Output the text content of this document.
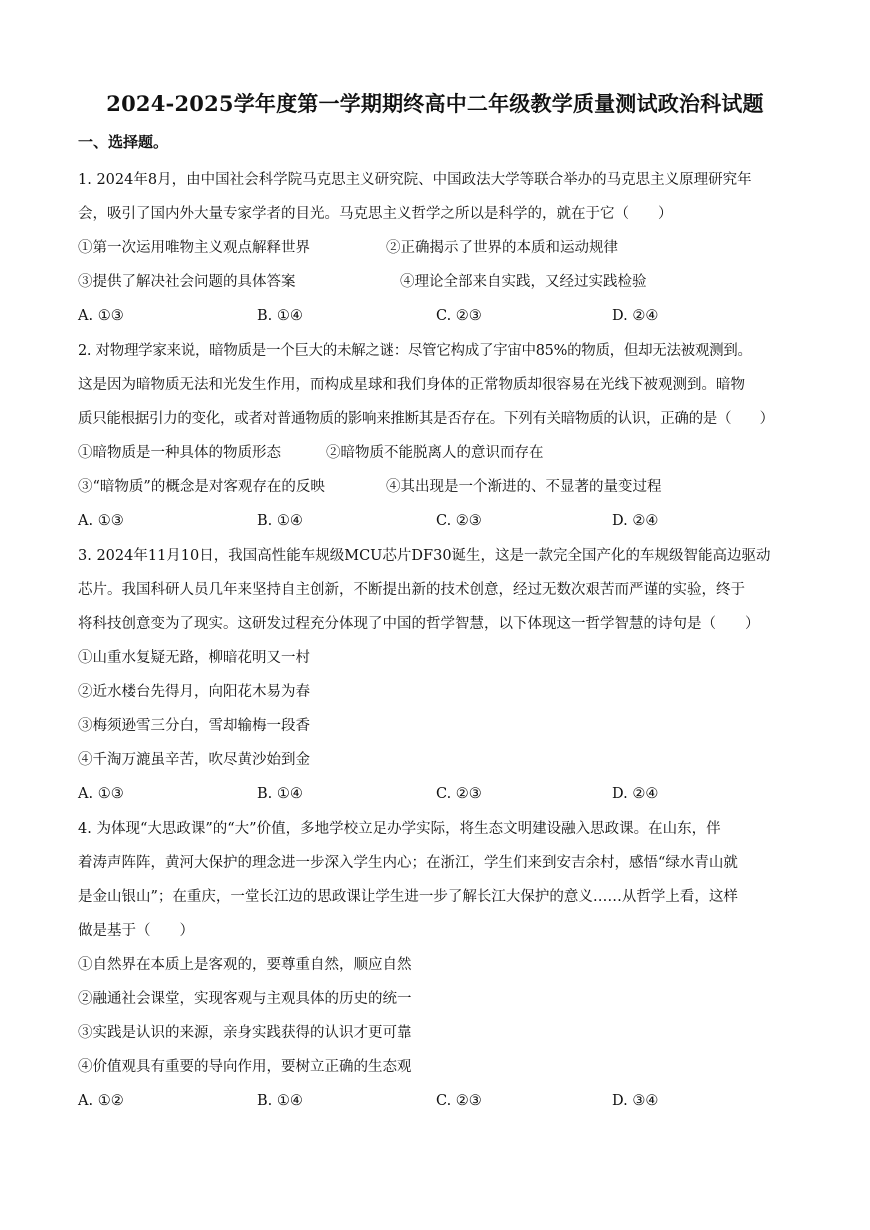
2024-2025学年度第一学期期终高中二年级教学质量测试政治科试题
一、选择题。
1. 2024年8月，由中国社会科学院马克思主义研究院、中国政法大学等联合举办的马克思主义原理研究年
会，吸引了国内外大量专家学者的目光。马克思主义哲学之所以是科学的，就在于它（　　）
①第一次运用唯物主义观点解释世界	②正确揭示了世界的本质和运动规律
③提供了解决社会问题的具体答案	④理论全部来自实践，又经过实践检验
A. ①③	B. ①④	C. ②③	D. ②④
2. 对物理学家来说，暗物质是一个巨大的未解之谜：尽管它构成了宇宙中85%的物质，但却无法被观测到。
这是因为暗物质无法和光发生作用，而构成星球和我们身体的正常物质却很容易在光线下被观测到。暗物
质只能根据引力的变化，或者对普通物质的影响来推断其是否存在。下列有关暗物质的认识，正确的是（　　）
①暗物质是一种具体的物质形态	②暗物质不能脱离人的意识而存在
③“暗物质”的概念是对客观存在的反映	④其出现是一个渐进的、不显著的量变过程
A. ①③	B. ①④	C. ②③	D. ②④
3. 2024年11月10日，我国高性能车规级MCU芯片DF30诞生，这是一款完全国产化的车规级智能高边驱动
芯片。我国科研人员几年来坚持自主创新，不断提出新的技术创意，经过无数次艰苦而严谨的实验，终于
将科技创意变为了现实。这研发过程充分体现了中国的哲学智慧，以下体现这一哲学智慧的诗句是（　　）
①山重水复疑无路，柳暗花明又一村
②近水楼台先得月，向阳花木易为春
③梅须逊雪三分白，雪却输梅一段香
④千淘万漉虽辛苦，吹尽黄沙始到金
A. ①③	B. ①④	C. ②③	D. ②④
4. 为体现“大思政课”的“大”价值，多地学校立足办学实际，将生态文明建设融入思政课。在山东，伴
着涛声阵阵，黄河大保护的理念进一步深入学生内心；在浙江，学生们来到安吉余村，感悟“绿水青山就
是金山银山”；在重庆，一堂长江边的思政课让学生进一步了解长江大保护的意义……从哲学上看，这样
做是基于（　　）
①自然界在本质上是客观的，要尊重自然，顺应自然
②融通社会课堂，实现客观与主观具体的历史的统一
③实践是认识的来源，亲身实践获得的认识才更可靠
④价值观具有重要的导向作用，要树立正确的生态观
A. ①②	B. ①④	C. ②③	D. ③④
